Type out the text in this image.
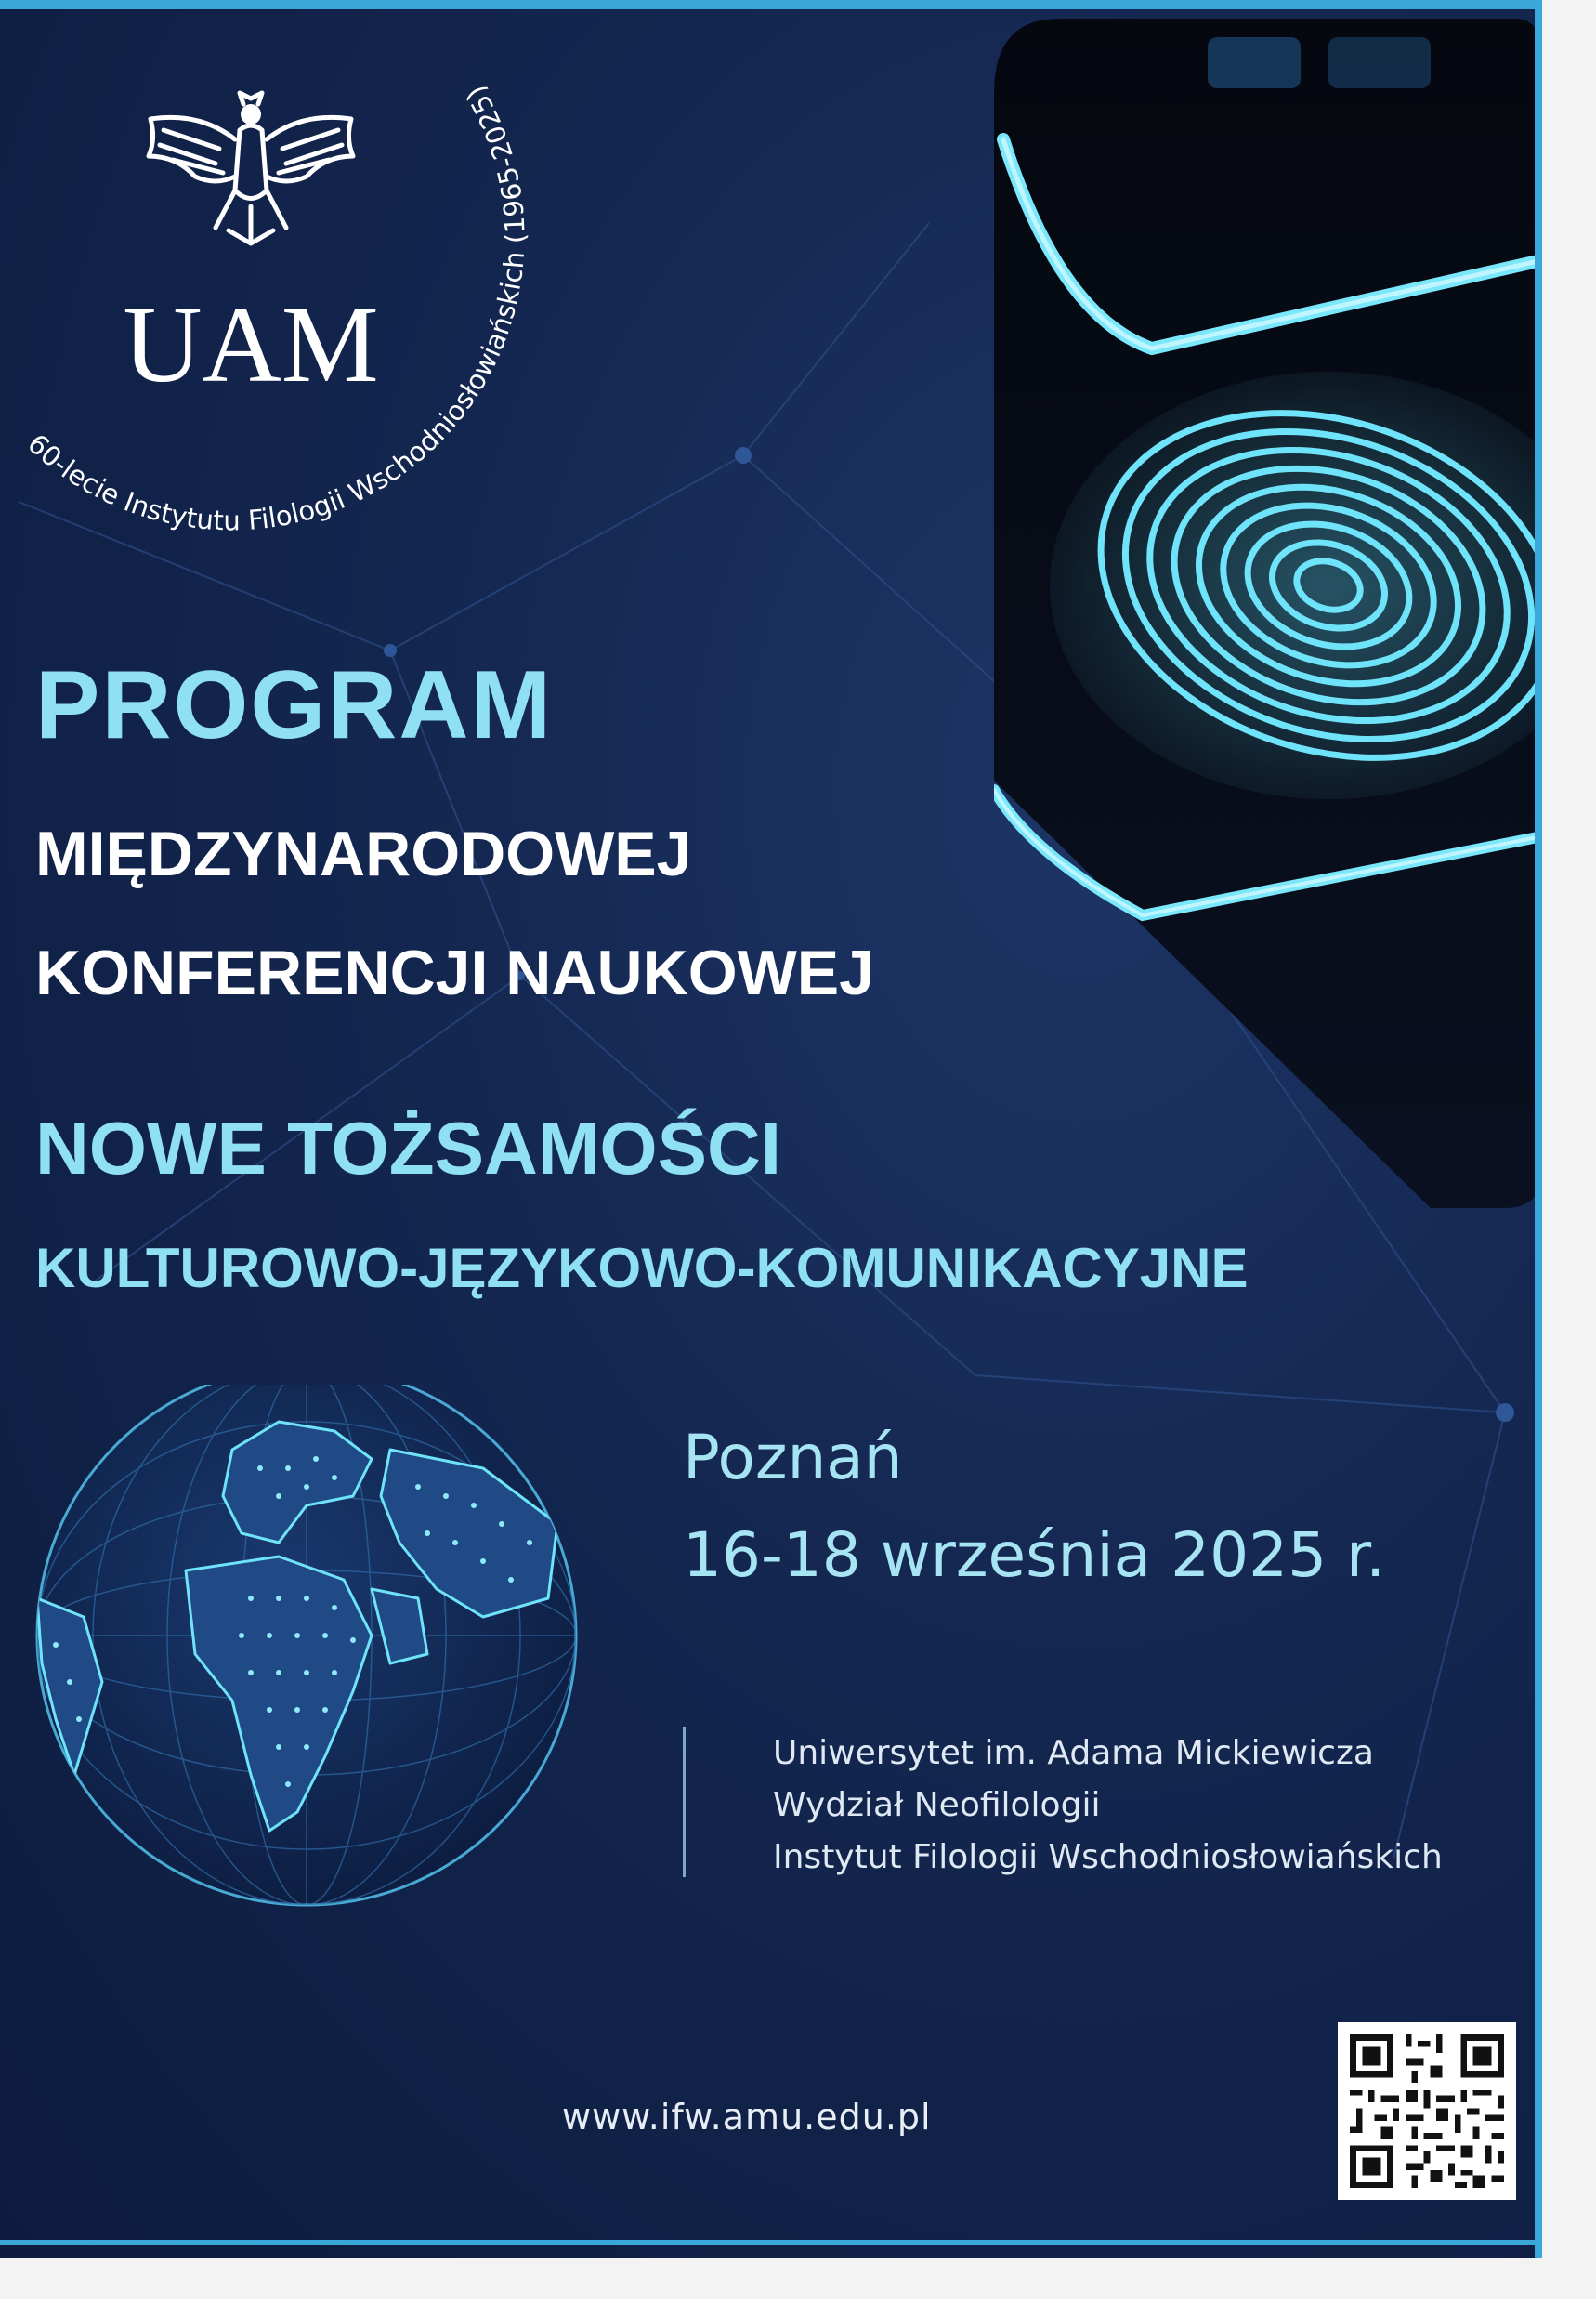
UAM
60-lecie Instytutu Filologii Wschodniosłowiańskich (1965-2025)
PROGRAM
MIĘDZYNARODOWEJ
KONFERENCJI NAUKOWEJ
NOWE TOŻSAMOŚCI
KULTUROWO-JĘZYKOWO-KOMUNIKACYJNE
Poznań
16-18 września 2025 r.
Uniwersytet im. Adama Mickiewicza
Wydział Neofilologii
Instytut Filologii Wschodniosłowiańskich
www.ifw.amu.edu.pl
